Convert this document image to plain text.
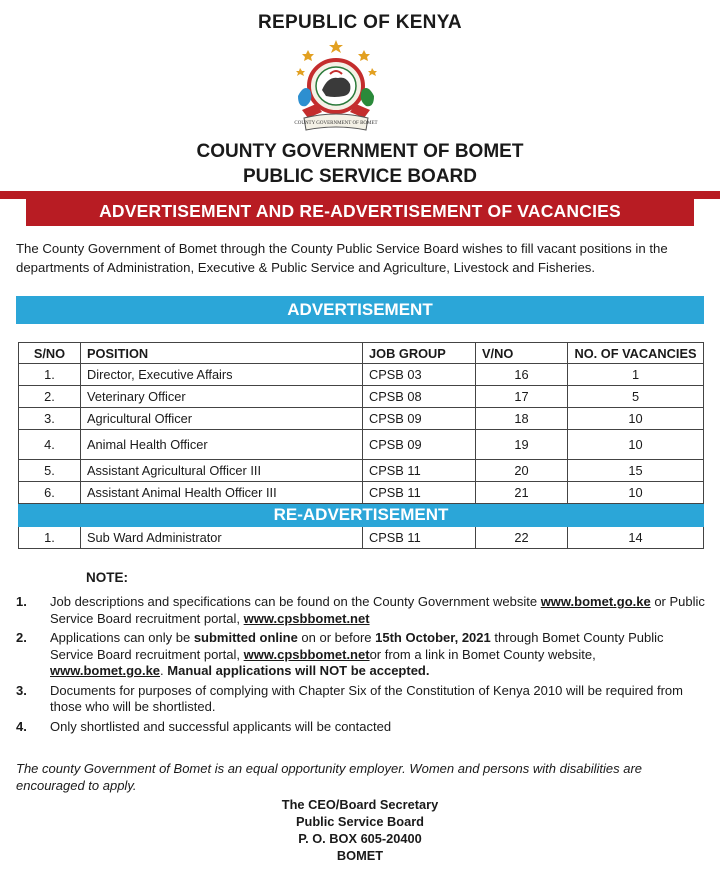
REPUBLIC OF KENYA
COUNTY GOVERNMENT OF BOMET
COUNTY GOVERNMENT OF BOMET
PUBLIC SERVICE BOARD
ADVERTISEMENT AND RE-ADVERTISEMENT OF VACANCIES
The County Government of Bomet through the County Public Service Board wishes to fill vacant positions in the departments of Administration, Executive & Public Service and Agriculture, Livestock and Fisheries.
ADVERTISEMENT
S/NO	POSITION	JOB GROUP	V/NO	NO. OF VACANCIES
1.	Director, Executive Affairs	CPSB 03	16	1
2.	Veterinary Officer	CPSB 08	17	5
3.	Agricultural Officer	CPSB 09	18	10
4.	Animal Health Officer	CPSB 09	19	10
5.	Assistant Agricultural Officer III	CPSB 11	20	15
6.	Assistant Animal Health Officer III	CPSB 11	21	10
RE-ADVERTISEMENT				
1.	Sub Ward Administrator	CPSB 11	22	14
NOTE:
1.	Job descriptions and specifications can be found on the County Government website www.bomet.go.ke or Public Service Board recruitment portal, www.cpsbbomet.net
2.	Applications can only be submitted online on or before 15th October, 2021 through Bomet County Public Service Board recruitment portal, www.cpsbbomet.netor from a link in Bomet County website, www.bomet.go.ke. Manual applications will NOT be accepted.
3.	Documents for purposes of complying with Chapter Six of the Constitution of Kenya 2010 will be required from those who will be shortlisted.
4.	Only shortlisted and successful applicants will be contacted
The county Government of Bomet is an equal opportunity employer. Women and persons with disabilities are encouraged to apply.
The CEO/Board Secretary
Public Service Board
P. O. BOX 605-20400
BOMET
